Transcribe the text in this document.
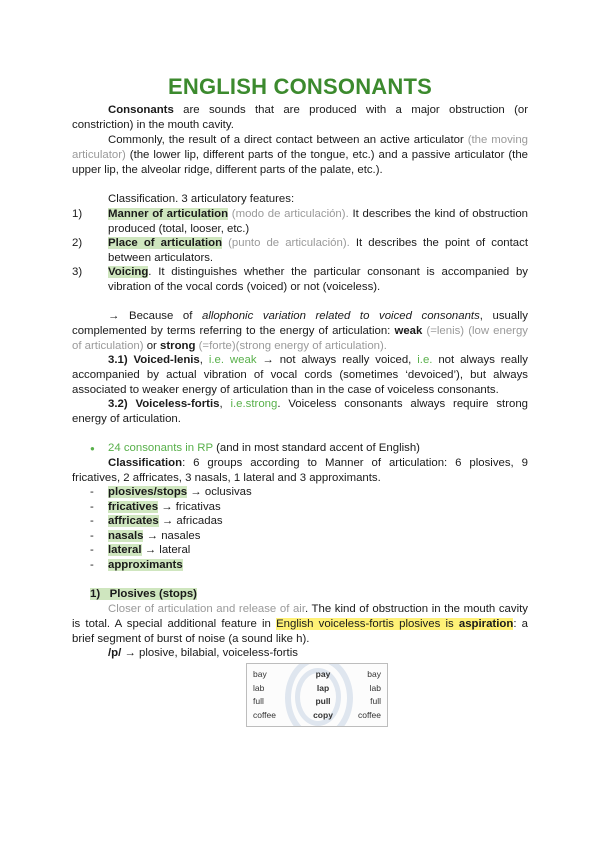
ENGLISH CONSONANTS
Consonants are sounds that are produced with a major obstruction (or constriction) in the mouth cavity.
Commonly, the result of a direct contact between an active articulator (the moving articulator) (the lower lip, different parts of the tongue, etc.) and a passive articulator (the upper lip, the alveolar ridge, different parts of the palate, etc.).
Classification. 3 articulatory features:
1) Manner of articulation (modo de articulación). It describes the kind of obstruction produced (total, looser, etc.)
2) Place of articulation (punto de articulación). It describes the point of contact between articulators.
3) Voicing. It distinguishes whether the particular consonant is accompanied by vibration of the vocal cords (voiced) or not (voiceless).
→ Because of allophonic variation related to voiced consonants, usually complemented by terms referring to the energy of articulation: weak (=lenis) (low energy of articulation) or strong (=forte)(strong energy of articulation).
3.1) Voiced-lenis, i.e. weak → not always really voiced, i.e. not always really accompanied by actual vibration of vocal cords (sometimes ‘devoiced’), but always associated to weaker energy of articulation than in the case of voiceless consonants.
3.2) Voiceless-fortis, i.e.strong. Voiceless consonants always require strong energy of articulation.
● 24 consonants in RP (and in most standard accent of English)
Classification: 6 groups according to Manner of articulation: 6 plosives, 9 fricatives, 2 affricates, 3 nasals, 1 lateral and 3 approximants.
- plosives/stops → oclusivas
- fricatives → fricativas
- affricates → africadas
- nasals → nasales
- lateral → lateral
- approximants
1)   Plosives (stops)
Closer of articulation and release of air. The kind of obstruction in the mouth cavity is total. A special additional feature in English voiceless-fortis plosives is aspiration: a brief segment of burst of noise (a sound like h).
/p/ → plosive, bilabial, voiceless-fortis
bay
lab
full
coffee
pay
lap
pull
copy
bay
lab
full
coffee
